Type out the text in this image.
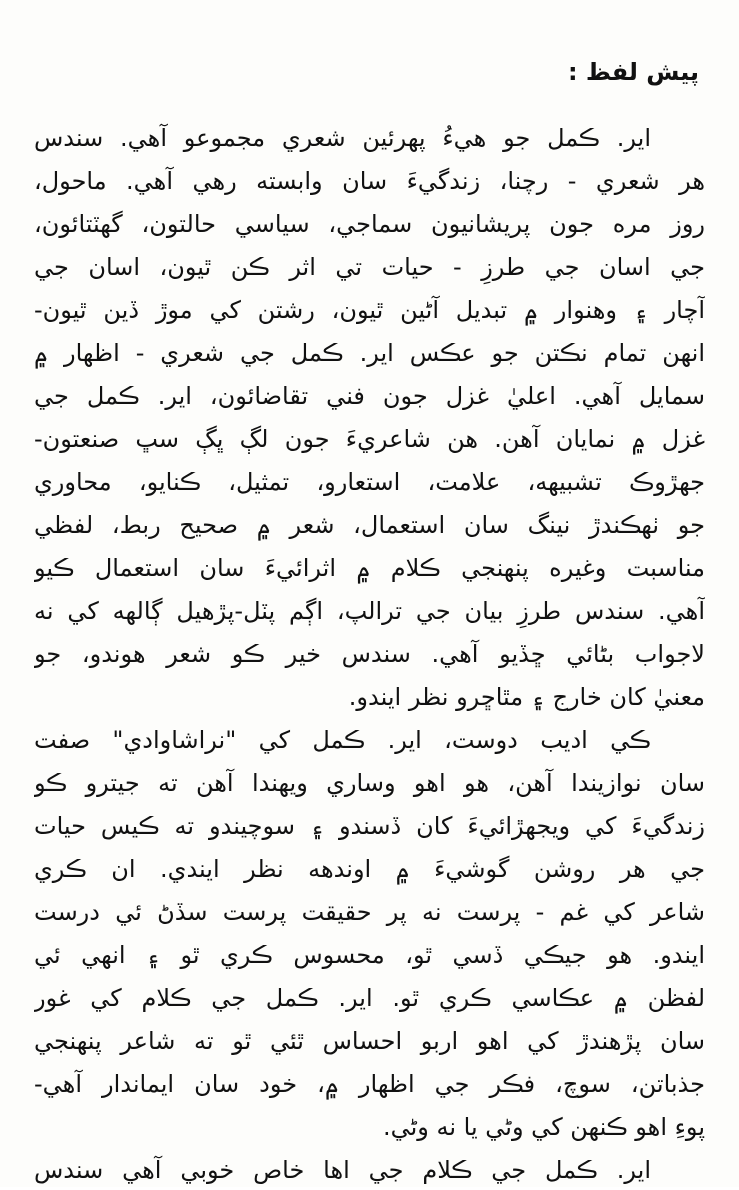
پيش لفظ :
اير. ڪمل جو هيءُ پهرئين شعري مجموعو آهي. سندس
هر شعري - رچنا، زندگيءَ سان وابسته رهي آهي. ماحول،
روز مره جون پريشانيون سماجي، سياسي حالتون، گهٽتائون،
جي اسان جي طرزِ - حيات تي اثر ڪن ٿيون، اسان جي
آچار ۽ وهنوار ۾ تبديل آڻين ٿيون، رشتن کي موڙ ڏين ٿيون-
انهن تمام نڪتن جو عڪس اير. ڪمل جي شعري - اظهار ۾
سمايل آهي. اعليٰ غزل جون فني تقاضائون، اير. ڪمل جي
غزل ۾ نمايان آهن. هن شاعريءَ جون لڳ ڀڳ سڀ صنعتون-
جهڙوڪ تشبيهه، علامت، استعارو، تمثيل، ڪنايو، محاوري
جو ٺهڪندڙ نينگ سان استعمال، شعر ۾ صحيح ربط، لفظي
مناسبت وغيره پنهنجي ڪلام ۾ اثرائيءَ سان استعمال ڪيو
آهي. سندس طرزِ بيان جي ترالپ، اڳم پٽل-پڙهيل ڳالهه کي نه
لاجواب بڻائي ڇڏيو آهي. سندس خير ڪو شعر هوندو، جو
معنيٰ کان خارج ۽ مٿاڇرو نظر ايندو.
ڪي اديب دوست، اير. ڪمل کي "نراشاوادي" صفت
سان نوازيندا آهن، هو اهو وساري ويهندا آهن ته جيترو ڪو
زندگيءَ کي ويجهڙائيءَ کان ڏسندو ۽ سوچيندو ته ڪيس حيات
جي هر روشن گوشيءَ ۾ اوندهه نظر ايندي. ان ڪري
شاعر کي غم - پرست نه پر حقيقت پرست سڏڻ ئي درست
ايندو. هو جيڪي ڏسي ٿو، محسوس ڪري ٿو ۽ انهي ئي
لفظن ۾ عڪاسي ڪري ٿو. اير. ڪمل جي ڪلام کي غور
سان پڙهندڙ کي اهو اربو احساس ٿئي ٿو ته شاعر پنهنجي
جذباتن، سوچ، فڪر جي اظهار ۾، خود سان ايماندار آهي-
پوءِ اهو ڪنهن کي وڻي يا نه وڻي.
اير. ڪمل جي ڪلام جي اها خاص خوبي آهي سندس
